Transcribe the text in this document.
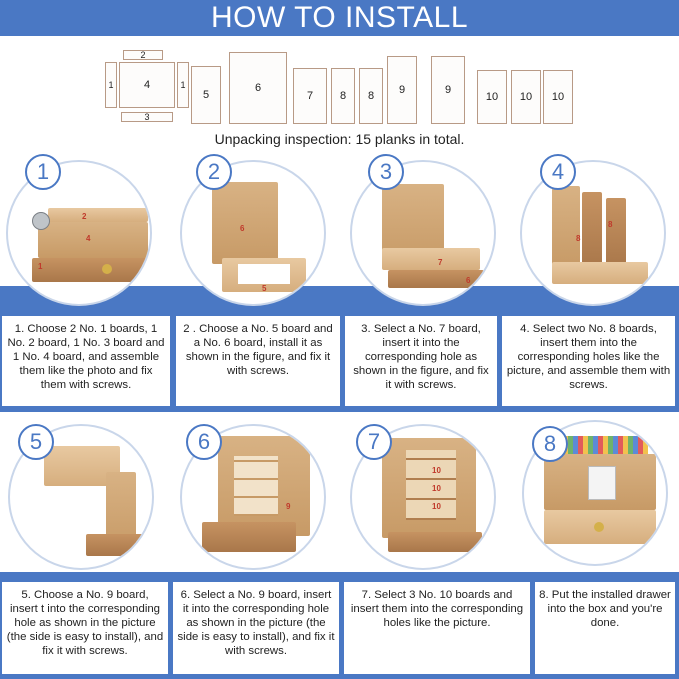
HOW TO INSTALL
2
1	4	1
3
5
6
7 8 8 9	9
10 10 10
Unpacking inspection: 15 planks in total.
2
4
1
1
6
5
2
7
6
3
8
8
4
1. Choose 2 No. 1 boards, 1 No. 2 board, 1 No. 3 board and 1 No. 4 board, and assemble them like the photo and fix them with screws.
2 . Choose a No. 5 board and a No. 6 board, install it as shown in the figure, and fix it with screws.
3. Select a No. 7 board, insert it into the corresponding hole as shown in the figure, and fix it with screws.
4. Select two No. 8 boards, insert them into the corresponding holes like the picture, and assemble them with screws.
5
9
6
10
10
10
7	8
5. Choose a No. 9 board, insert t into the corresponding hole as shown in the picture (the side is easy to install), and fix it with screws.
6. Select a No. 9 board, insert it into the corresponding hole as shown in the picture (the side is easy to install), and fix it with screws.
7. Select 3 No. 10 boards and insert them into the corresponding holes like the picture.
8. Put the installed drawer into the box and you're done.
